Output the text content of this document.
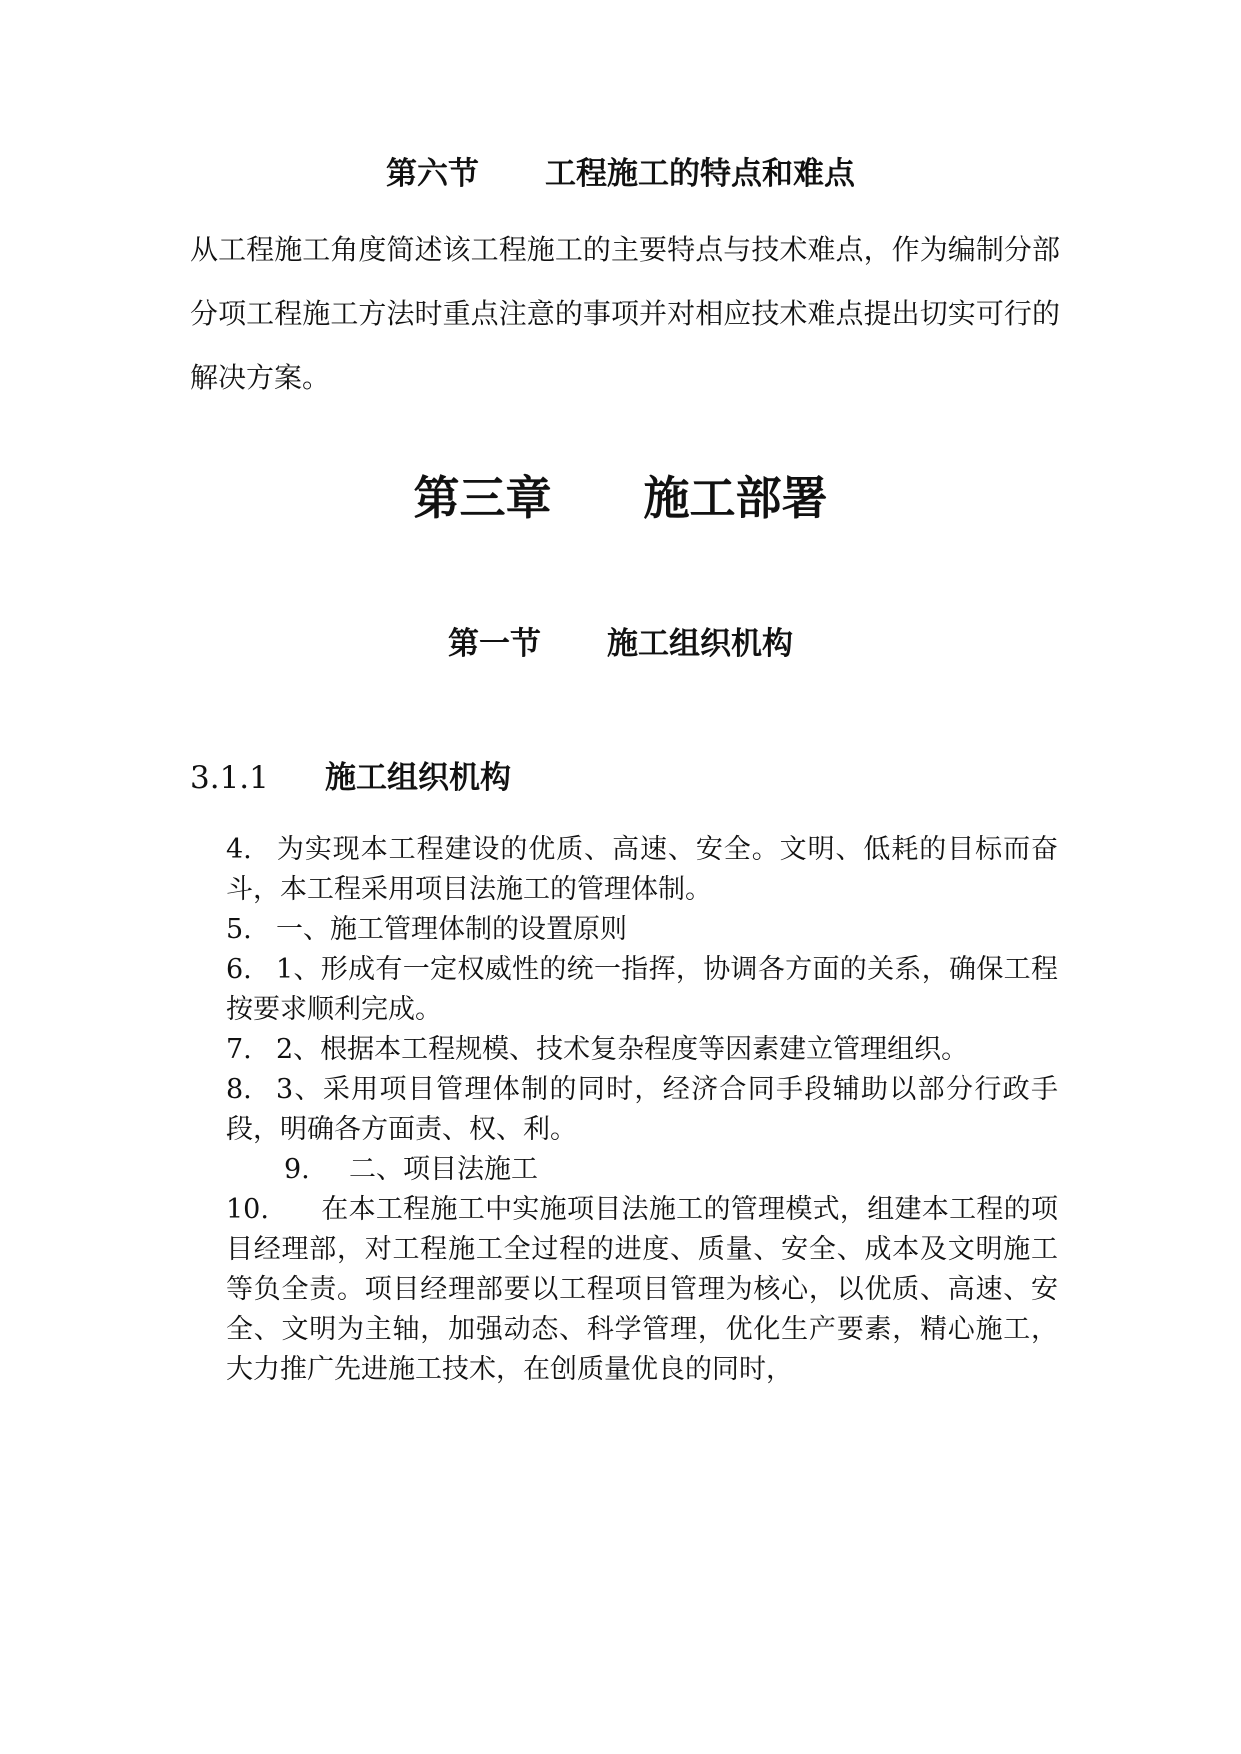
第六节 工程施工的特点和难点
从工程施工角度简述该工程施工的主要特点与技术难点，作为编制分部分项工程施工方法时重点注意的事项并对相应技术难点提出切实可行的解决方案。
第三章 施工部署
第一节 施工组织机构
3.1.1 施工组织机构
4. 为实现本工程建设的优质、高速、安全。文明、低耗的目标而奋斗，本工程采用项目法施工的管理体制。
5. 一、施工管理体制的设置原则
6. 1、形成有一定权威性的统一指挥，协调各方面的关系，确保工程按要求顺利完成。
7. 2、根据本工程规模、技术复杂程度等因素建立管理组织。
8. 3、采用项目管理体制的同时，经济合同手段辅助以部分行政手段，明确各方面责、权、利。
9. 二、项目法施工
10. 在本工程施工中实施项目法施工的管理模式，组建本工程的项目经理部，对工程施工全过程的进度、质量、安全、成本及文明施工等负全责。项目经理部要以工程项目管理为核心，以优质、高速、安全、文明为主轴，加强动态、科学管理，优化生产要素，精心施工，大力推广先进施工技术，在创质量优良的同时，
